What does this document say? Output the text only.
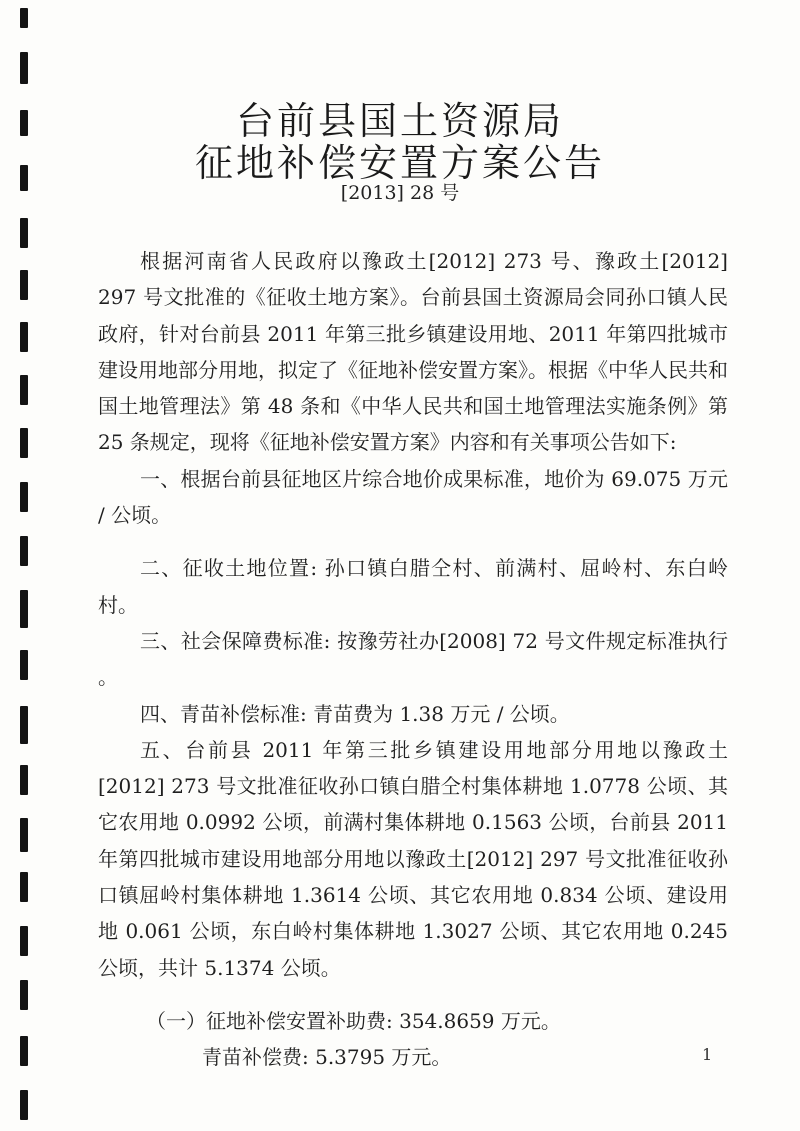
台前县国土资源局
征地补偿安置方案公告
[2013] 28 号

根据河南省人民政府以豫政土[2012] 273 号、豫政土[2012] 297 号文批准的《征收土地方案》。台前县国土资源局会同孙口镇人民政府，针对台前县 2011 年第三批乡镇建设用地、2011 年第四批城市建设用地部分用地，拟定了《征地补偿安置方案》。根据《中华人民共和国土地管理法》第 48 条和《中华人民共和国土地管理法实施条例》第 25 条规定，现将《征地补偿安置方案》内容和有关事项公告如下:

一、根据台前县征地区片综合地价成果标准，地价为 69.075 万元 / 公顷。

二、征收土地位置: 孙口镇白腊仝村、前满村、屈岭村、东白岭村。

三、社会保障费标准: 按豫劳社办[2008] 72 号文件规定标准执行 。

四、青苗补偿标准: 青苗费为 1.38 万元 / 公顷。

五、台前县 2011 年第三批乡镇建设用地部分用地以豫政土[2012] 273 号文批准征收孙口镇白腊仝村集体耕地 1.0778 公顷、其它农用地 0.0992 公顷，前满村集体耕地 0.1563 公顷，台前县 2011 年第四批城市建设用地部分用地以豫政土[2012] 297 号文批准征收孙口镇屈岭村集体耕地 1.3614 公顷、其它农用地 0.834 公顷、建设用地 0.061 公顷，东白岭村集体耕地 1.3027 公顷、其它农用地 0.245 公顷，共计 5.1374 公顷。

（一）征地补偿安置补助费: 354.8659 万元。

青苗补偿费: 5.3795 万元。	1
